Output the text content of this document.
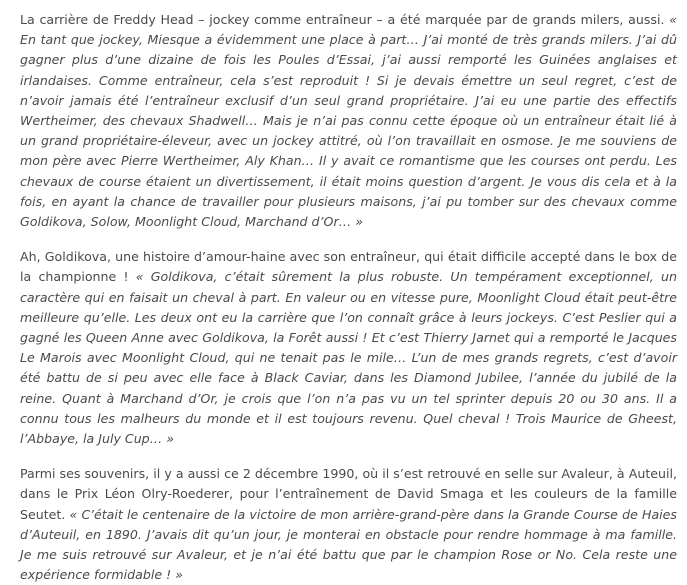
La carrière de Freddy Head – jockey comme entraîneur – a été marquée par de grands milers, aussi. « En tant que jockey, Miesque a évidemment une place à part… J’ai monté de très grands milers. J’ai dû gagner plus d’une dizaine de fois les Poules d’Essai, j’ai aussi remporté les Guinées anglaises et irlandaises. Comme entraîneur, cela s’est reproduit ! Si je devais émettre un seul regret, c’est de n’avoir jamais été l’entraîneur exclusif d’un seul grand propriétaire. J’ai eu une partie des effectifs Wertheimer, des chevaux Shadwell… Mais je n’ai pas connu cette époque où un entraîneur était lié à un grand propriétaire-éleveur, avec un jockey attitré, où l’on travaillait en osmose. Je me souviens de mon père avec Pierre Wertheimer, Aly Khan… Il y avait ce romantisme que les courses ont perdu. Les chevaux de course étaient un divertissement, il était moins question d’argent. Je vous dis cela et à la fois, en ayant la chance de travailler pour plusieurs maisons, j’ai pu tomber sur des chevaux comme Goldikova, Solow, Moonlight Cloud, Marchand d’Or… »

Ah, Goldikova, une histoire d’amour-haine avec son entraîneur, qui était difficile accepté dans le box de la championne ! « Goldikova, c’était sûrement la plus robuste. Un tempérament exceptionnel, un caractère qui en faisait un cheval à part. En valeur ou en vitesse pure, Moonlight Cloud était peut-être meilleure qu’elle. Les deux ont eu la carrière que l’on connaît grâce à leurs jockeys. C’est Peslier qui a gagné les Queen Anne avec Goldikova, la Forêt aussi ! Et c’est Thierry Jarnet qui a remporté le Jacques Le Marois avec Moonlight Cloud, qui ne tenait pas le mile… L’un de mes grands regrets, c’est d’avoir été battu de si peu avec elle face à Black Caviar, dans les Diamond Jubilee, l’année du jubilé de la reine. Quant à Marchand d’Or, je crois que l’on n’a pas vu un tel sprinter depuis 20 ou 30 ans. Il a connu tous les malheurs du monde et il est toujours revenu. Quel cheval ! Trois Maurice de Gheest, l’Abbaye, la July Cup… »

Parmi ses souvenirs, il y a aussi ce 2 décembre 1990, où il s’est retrouvé en selle sur Avaleur, à Auteuil, dans le Prix Léon Olry-Roederer, pour l’entraînement de David Smaga et les couleurs de la famille Seutet. « C’était le centenaire de la victoire de mon arrière-grand-père dans la Grande Course de Haies d’Auteuil, en 1890. J’avais dit qu’un jour, je monterai en obstacle pour rendre hommage à ma famille. Je me suis retrouvé sur Avaleur, et je n’ai été battu que par le champion Rose or No. Cela reste une expérience formidable ! »
